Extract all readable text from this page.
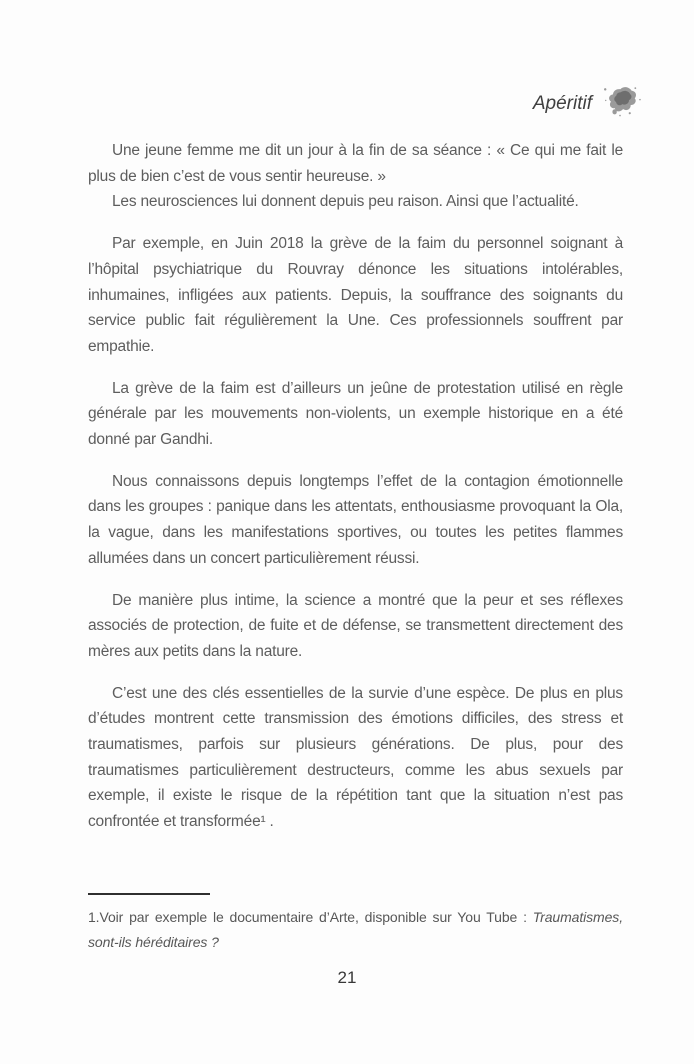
Apéritif

Une jeune femme me dit un jour à la fin de sa séance : « Ce qui me fait le plus de bien c’est de vous sentir heureuse. »

Les neurosciences lui donnent depuis peu raison. Ainsi que l’actualité.

Par exemple, en Juin 2018 la grève de la faim du personnel soignant à l’hôpital psychiatrique du Rouvray dénonce les situations intolérables, inhumaines, infligées aux patients. Depuis, la souffrance des soignants du service public fait régulièrement la Une. Ces professionnels souffrent par empathie.

La grève de la faim est d’ailleurs un jeûne de protestation utilisé en règle générale par les mouvements non-violents, un exemple historique en a été donné par Gandhi.

Nous connaissons depuis longtemps l’effet de la contagion émotionnelle dans les groupes : panique dans les attentats, enthousiasme provoquant la Ola, la vague, dans les manifestations sportives, ou toutes les petites flammes allumées dans un concert particulièrement réussi.

De manière plus intime, la science a montré que la peur et ses réflexes associés de protection, de fuite et de défense, se transmettent directement des mères aux petits dans la nature.

C’est une des clés essentielles de la survie d’une espèce. De plus en plus d’études montrent cette transmission des émotions difficiles, des stress et traumatismes, parfois sur plusieurs générations. De plus, pour des traumatismes particulièrement destructeurs, comme les abus sexuels par exemple, il existe le risque de la répétition tant que la situation n’est pas confrontée et transformée¹ .

1.Voir par exemple le documentaire d’Arte, disponible sur You Tube : Traumatismes, sont-ils héréditaires ?

21
